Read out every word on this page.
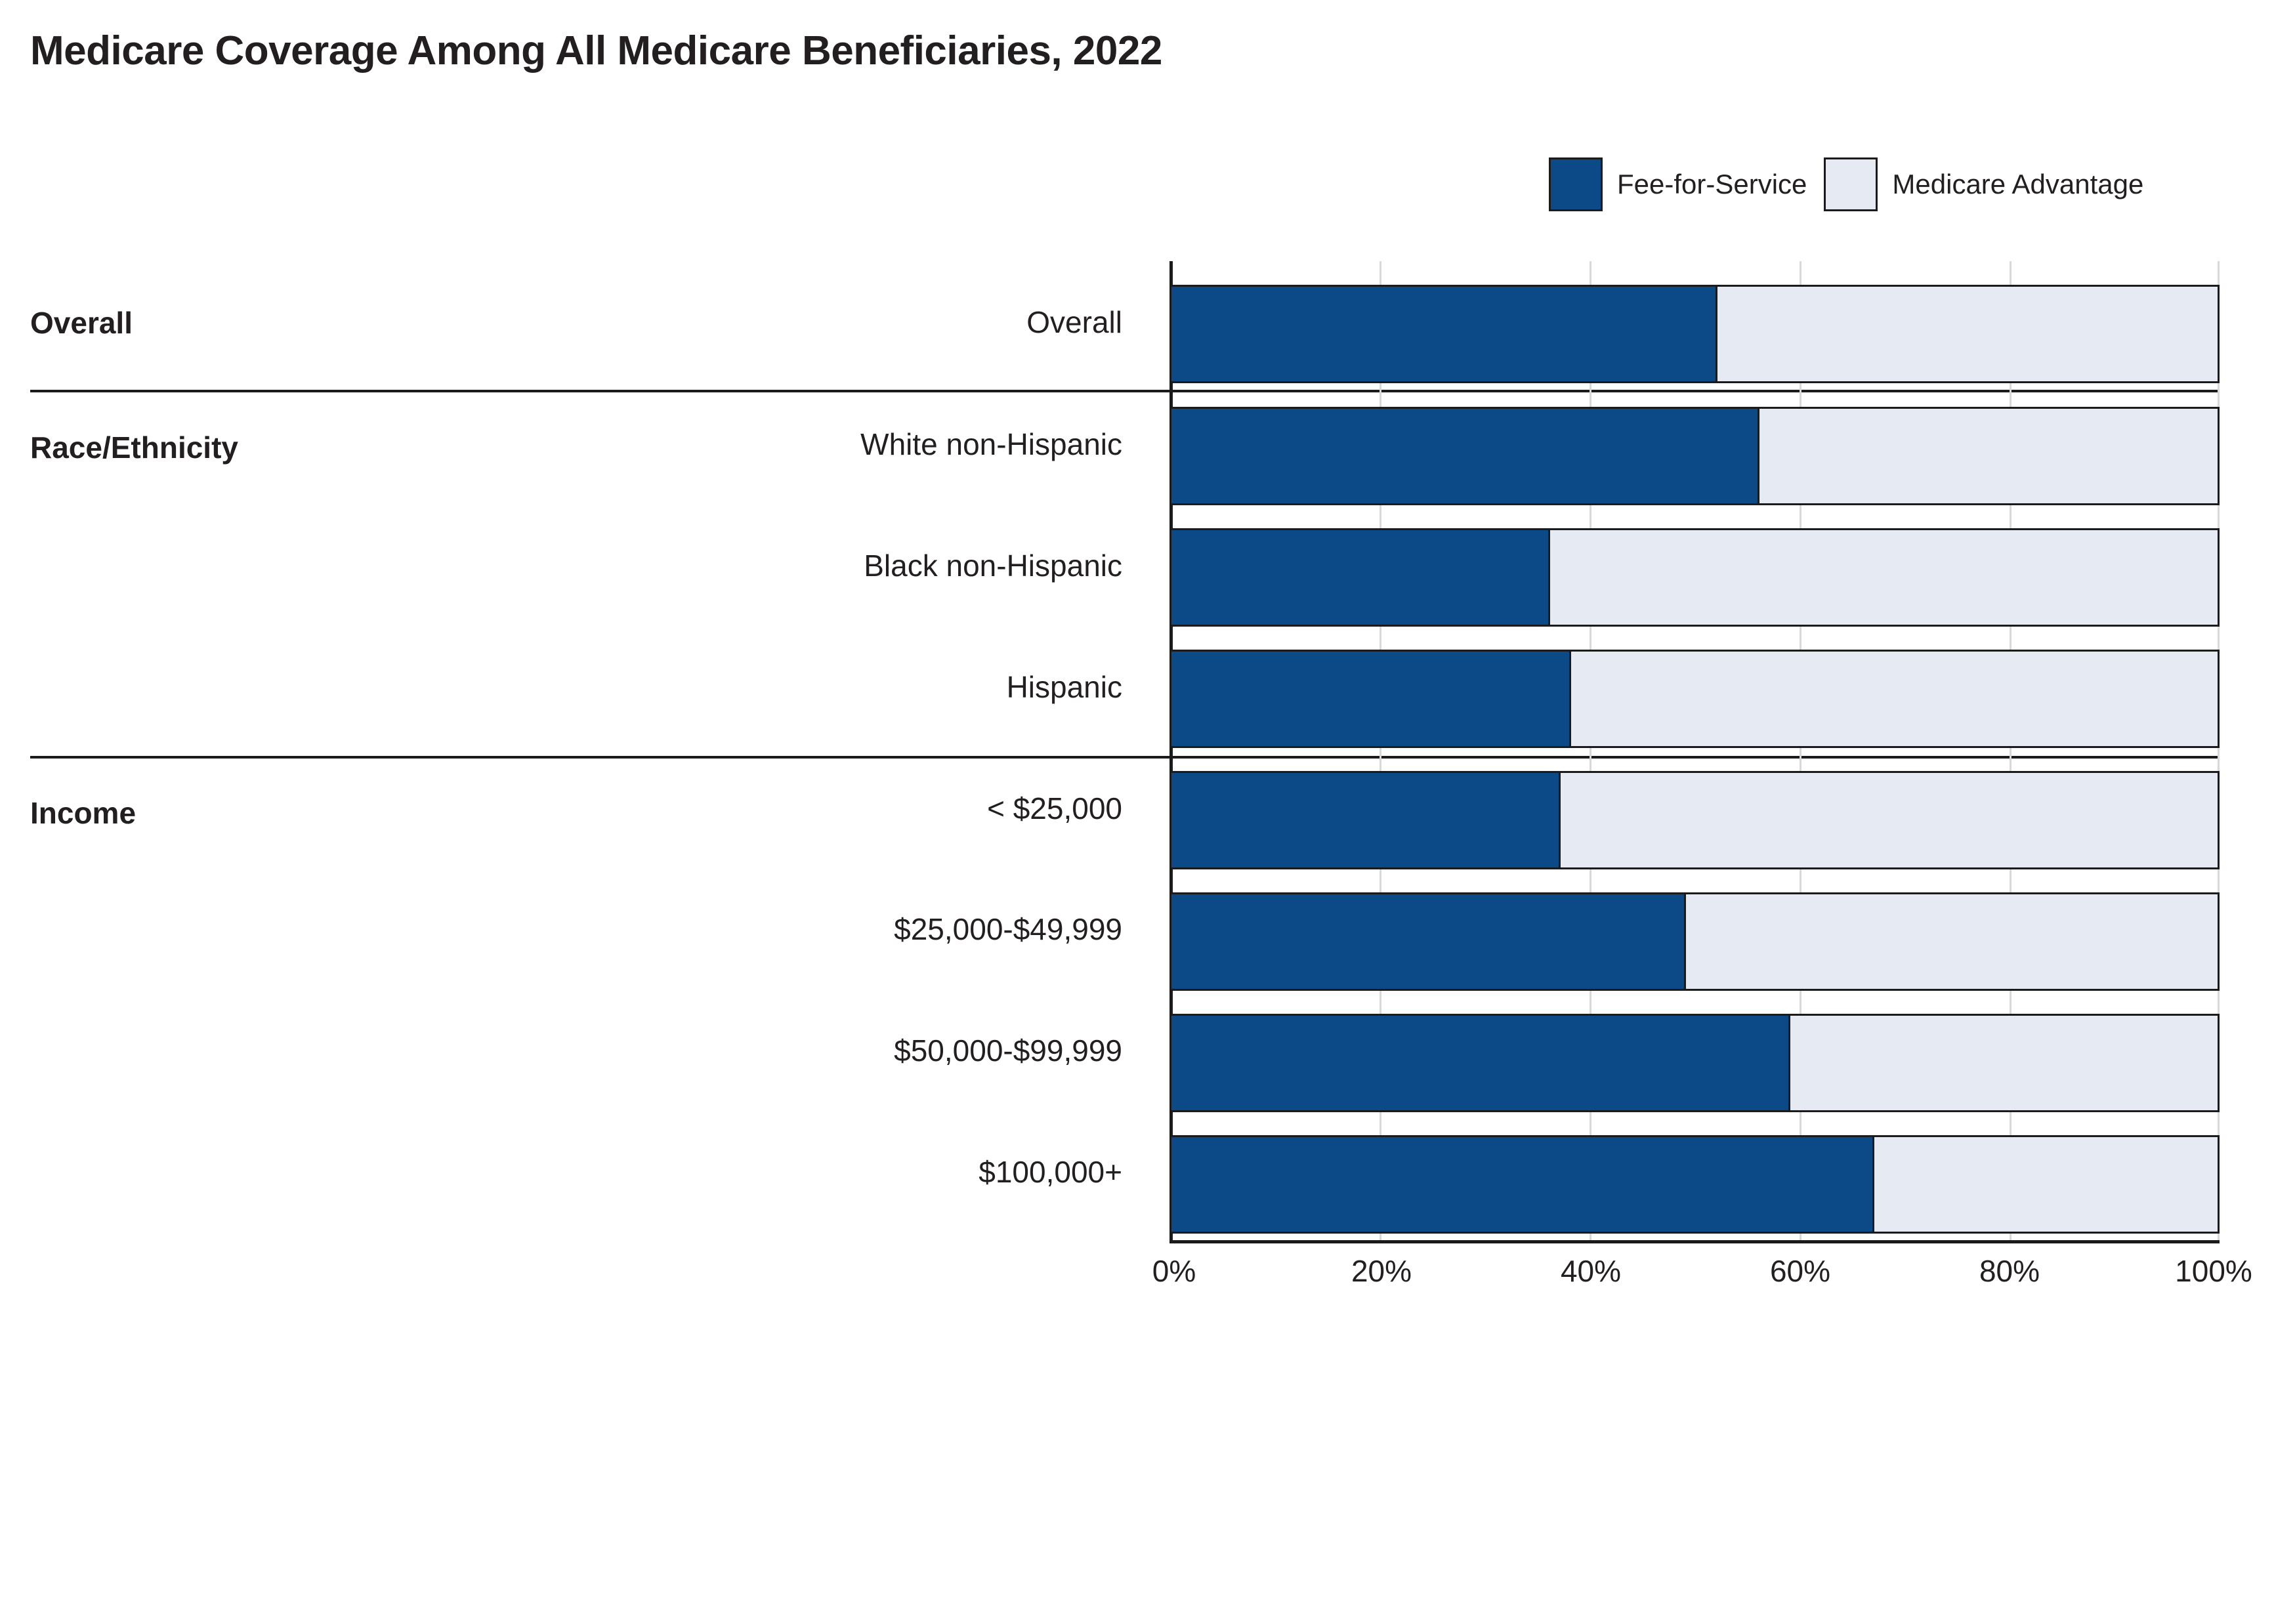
Medicare Coverage Among All Medicare Beneficiaries, 2022
Fee-for-Service	Medicare Advantage
Overall
Race/Ethnicity
Income
Overall
White non-Hispanic
Black non-Hispanic
Hispanic
< $25,000
$25,000-$49,999
$50,000-$99,999
$100,000+
0%	20%	40%	60%	80%	100%
